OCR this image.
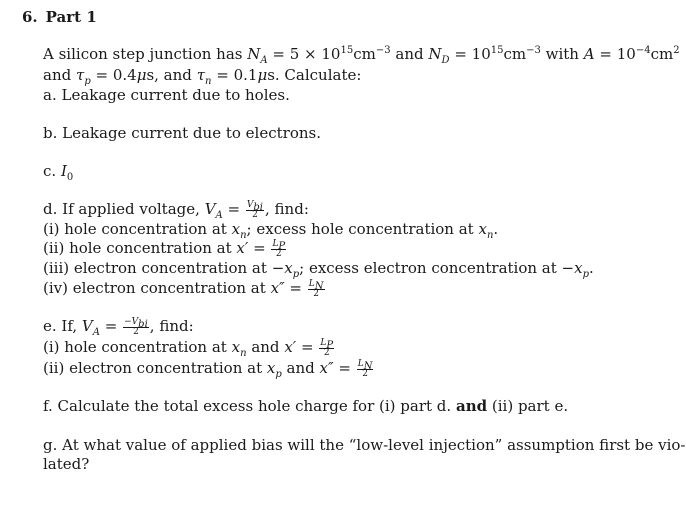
6. Part 1
A silicon step junction has $N_A = 5 \times 10^{15}cm^{-3}$ and $N_D = 10^{15}cm^{-3}$ with $A = 10^{-4}cm^2$
and $\tau_p = 0.4\mu s$, and $\tau_n = 0.1\mu s$. Calculate:
a. Leakage current due to holes.
b. Leakage current due to electrons.
c. $I_0$
d. If applied voltage, $V_A = \frac{V_{bi}}{2}$ , find:
(i) hole concentration at $x_n$; excess hole concentration at $x_n$.
(ii) hole concentration at $x' = \frac{L_P}{2}$
(iii) electron concentration at $-x_p$; excess electron concentration at $-x_p$.
(iv) electron concentration at $x'' = \frac{L_N}{2}$
e. If, $V_A = \frac{-V_{bi}}{2}$ , find:
(i) hole concentration at $x_n$ and $x' = \frac{L_P}{2}$
(ii) electron concentration at $x_p$ and $x'' = \frac{L_N}{2}$
f. Calculate the total excess hole charge for (i) part d. and (ii) part e.
g. At what value of applied bias will the “low-level injection” assumption first be vio-
lated?
